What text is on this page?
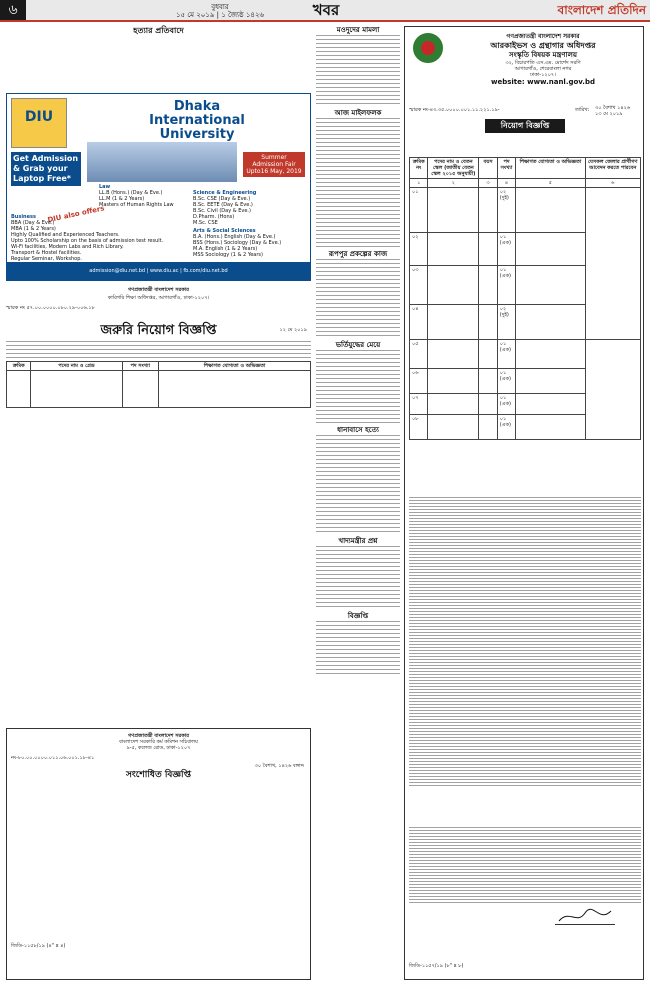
৬	বুধবার
১৫ মে ২০১৯ | ১ জ্যৈষ্ঠ ১৪২৬	খবর	বাংলাদেশ প্রতিদিন
হত্যার প্রতিবাদে
DIU
Dhaka International University
Get Admission & Grab your Laptop Free*
Summer Admission Fair Upto16 May, 2019
DIU also offers
Law
LL.B (Hons.) (Day & Eve.)
LL.M (1 & 2 Years)
Masters of Human Rights Law
Business
BBA (Day & Eve.)
MBA (1 & 2 Years)
Science & Engineering
B.Sc. CSE (Day & Eve.)
B.Sc. EETE (Day & Eve.)
B.Sc. Civil (Day & Eve.)
D.Pharm. (Hons)
M.Sc. CSE
Arts & Social Sciences
B.A. (Hons.) English (Day & Eve.)
BSS (Hons.) Sociology (Day & Eve.)
M.A. English (1 & 2 Years)
MSS Sociology (1 & 2 Years)
Highly Qualified and Experienced Teachers.
Upto 100% Scholarship on the basis of admission test result.
Wi-Fi facilities, Modern Labs and Rich Library.
Transport & Hostel facilities.
Regular Seminar, Workshop.
admission@diu.net.bd | www.diu.ac | fb.com/diu.net.bd
গণপ্রজাতন্ত্রী বাংলাদেশ সরকার
কারিগরি শিক্ষা অধিদপ্তর, আগারগাঁও, ঢাকা-১২০৭।
স্মারক নং ৫৭.০০.০০০০.০৮০.২৯-০০৬.১৮
১২ মে ২০১৯
জরুরি নিয়োগ বিজ্ঞপ্তি
ক্রমিক	পদের নাম ও গ্রেড	পদ সংখ্যা	শিক্ষাগত যোগ্যতা ও অভিজ্ঞতা

গণপ্রজাতন্ত্রী বাংলাদেশ সরকার
বাংলাদেশ সরকারি কর্ম কমিশন সচিবালয়
৯-৫, কলেজ রোড, ঢাকা-১২০৭
নং-৮০.০০.০০০০.০১১.০৬.০০১.১৮-৪১
৩০ বৈশাখ, ১৪২৬ বঙ্গাব্দ
সংশোধিত বিজ্ঞপ্তি
জিডি-১১৫৮/১৯ (৪" x ৪)
মওদুদের মামলা
আজ মাইলফলক
রূপপুর প্রকল্পের কাজ
ভর্তিযুদ্ধের মেয়ে
ধানাবাসে হত্যে
খাদ্যমন্ত্রীর প্রশ্ন
বিজ্ঞপ্তি
গণপ্রজাতন্ত্রী বাংলাদেশ সরকার
আরকাইভস ও গ্রন্থাগার অধিদপ্তর
সংস্কৃতি বিষয়ক মন্ত্রণালয়
৩২, বিচারপতি এস.এম. মোর্শেদ সরণি
আগারগাঁও, শেরেবাংলা নগর
ঢাকা-১২০৭।
website: www.nanl.gov.bd
স্মারক নং-৪৩.৩৫.০০০০.০০১.১১.২২১.১৯-	তারিখ: ৩০ বৈশাখ ১৪২৬
১৩ মে ২০১৯
নিয়োগ বিজ্ঞপ্তি
ক্রমিক নং	পদের নাম ও বেতন স্কেল (জাতীয় বেতন স্কেল ২০১৫ অনুযায়ী)	বয়স	পদ সংখ্যা	শিক্ষাগত যোগ্যতা ও অভিজ্ঞতা	যেসকল জেলার প্রার্থীগণ আবেদন করতে পারবেন
১	২	৩	৪	৫	৬
০১			০২ (দুই)		
০২			০১ (এক)		
০৩			০১ (এক)		
০৪			০২ (দুই)		
০৫			০১ (এক)		
০৬			০১ (এক)		
০৭			০১ (এক)		
০৮			০১ (এক)		
জিডি-১১৫৭/১৯ (৮" x ৮)
